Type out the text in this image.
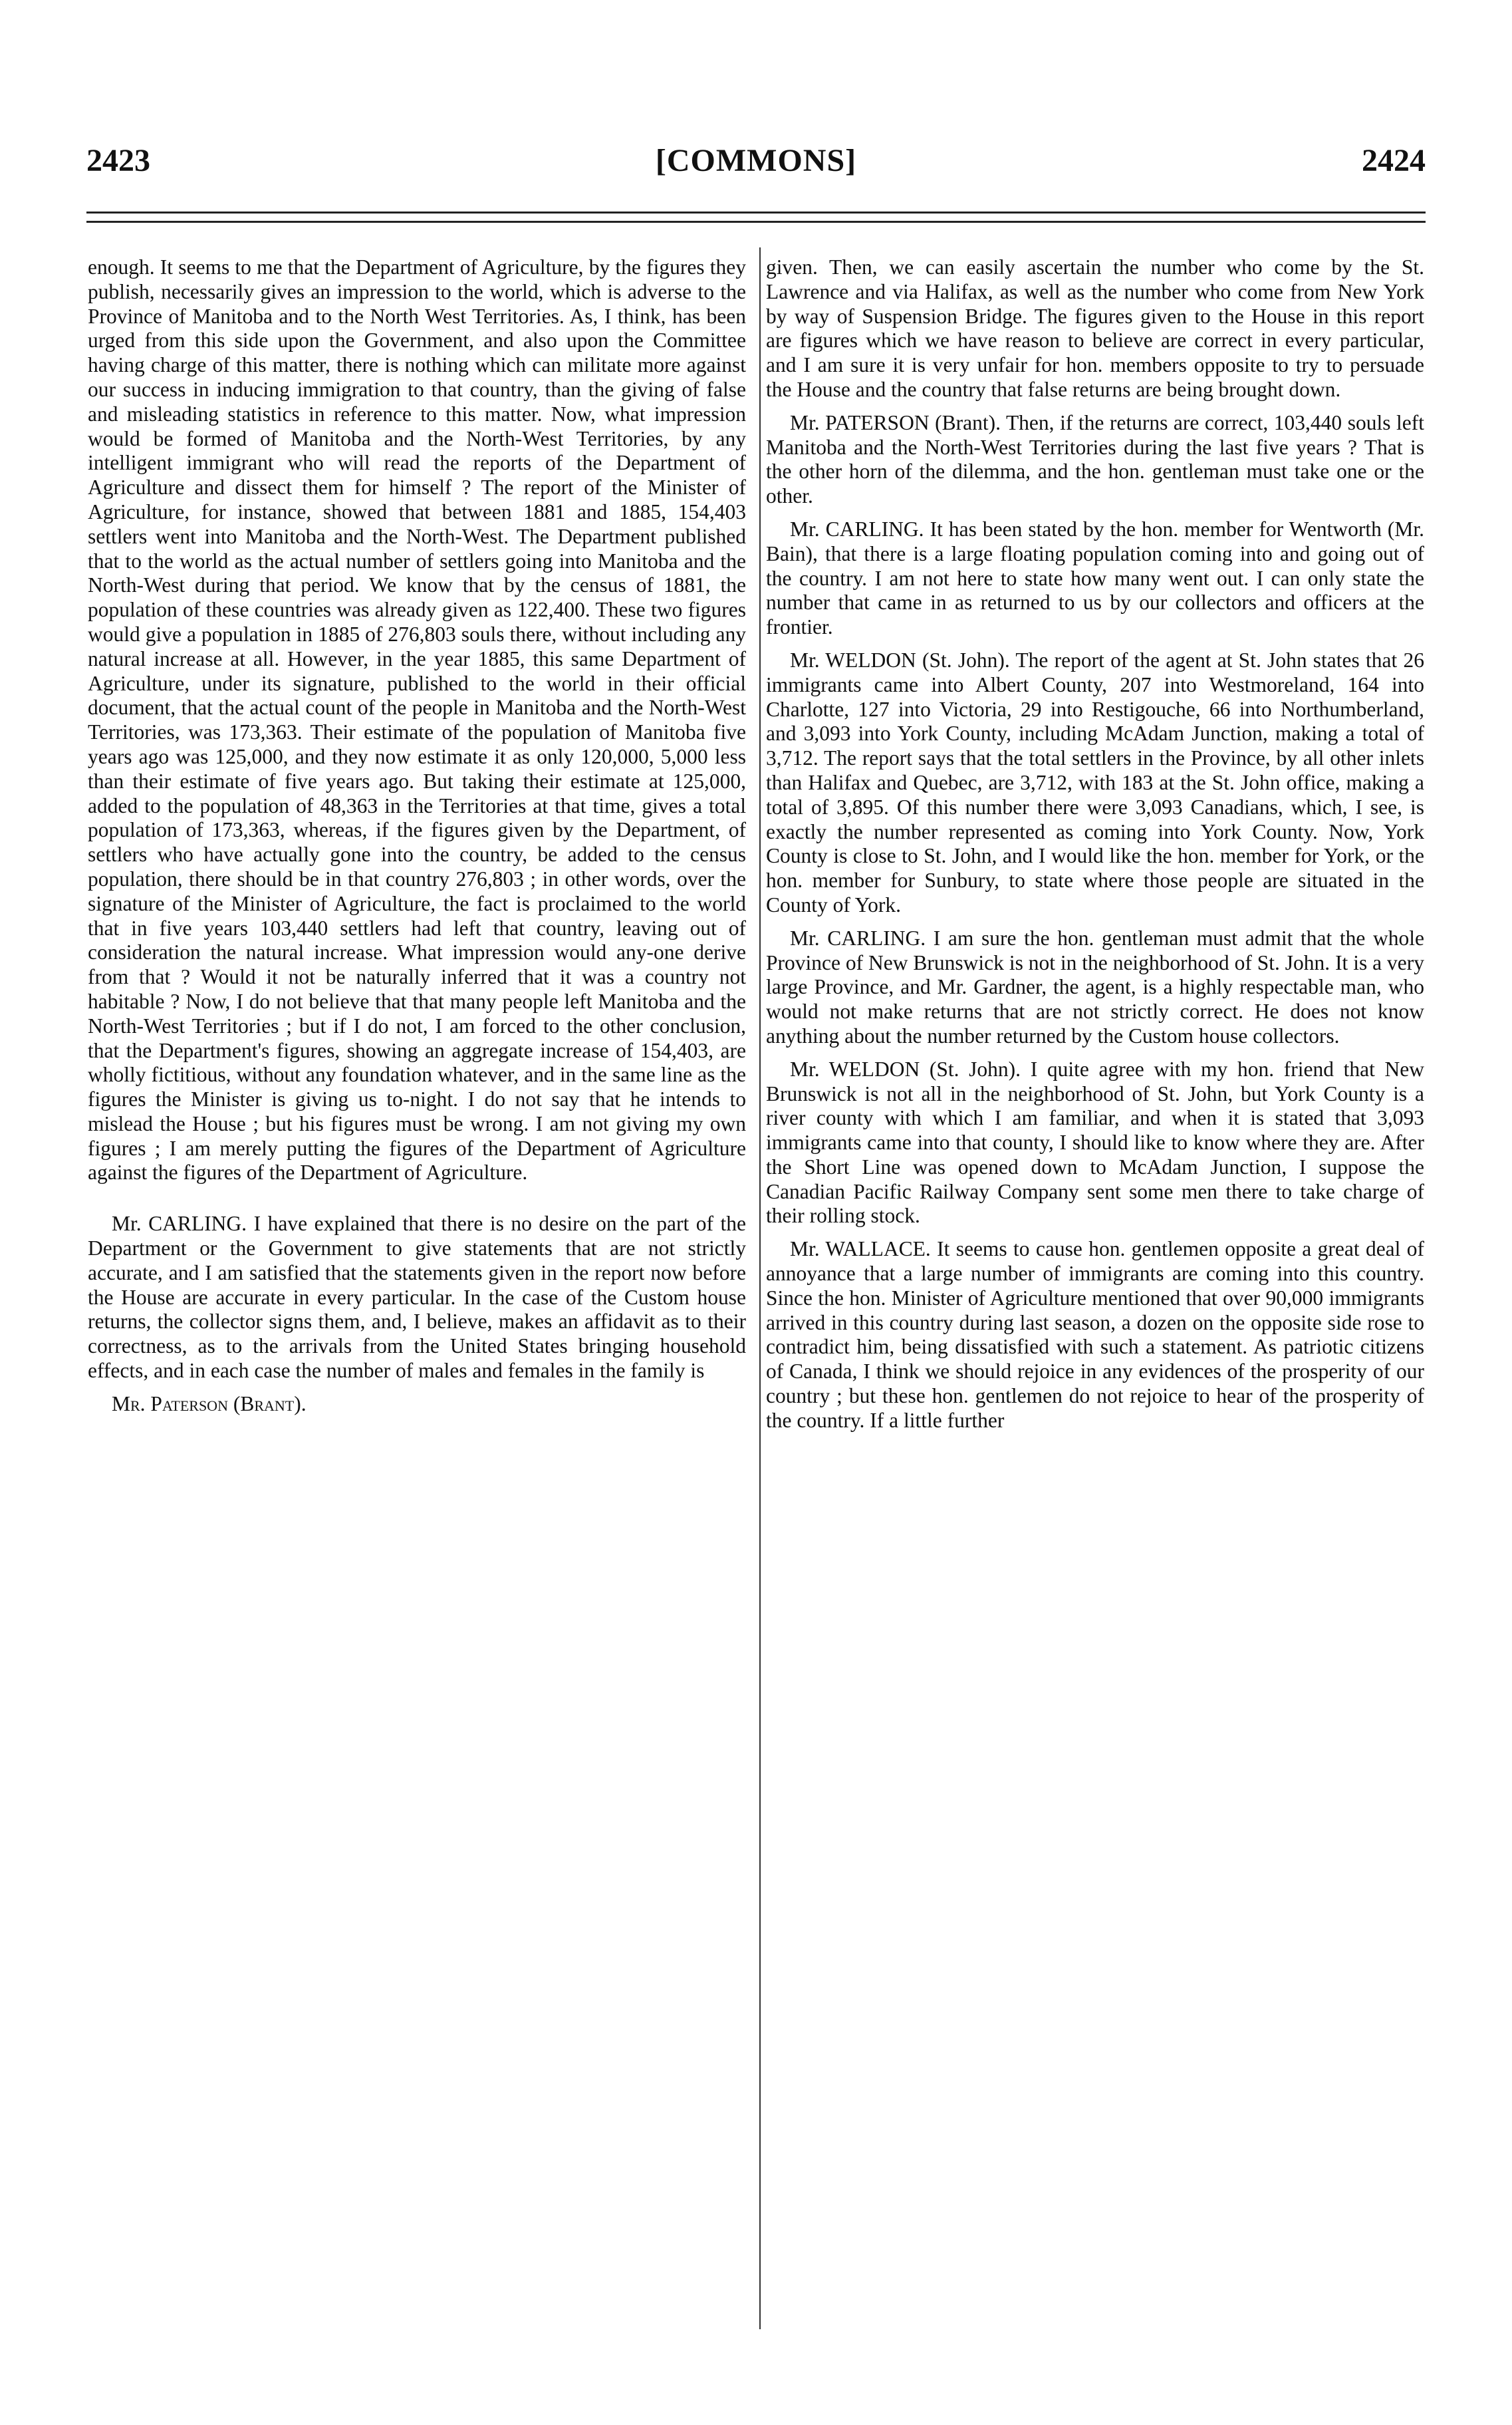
2423	[COMMONS]	2424

enough. It seems to me that the Department of Agriculture, by the figures they publish, necessarily gives an impression to the world, which is adverse to the Province of Manitoba and to the North West Territories. As, I think, has been urged from this side upon the Government, and also upon the Committee having charge of this matter, there is nothing which can militate more against our success in inducing immigration to that country, than the giving of false and misleading statistics in reference to this matter. Now, what impression would be formed of Manitoba and the North-West Territories, by any intelligent immigrant who will read the reports of the Department of Agriculture and dissect them for himself ? The report of the Minister of Agriculture, for instance, showed that between 1881 and 1885, 154,403 settlers went into Manitoba and the North-West. The Department published that to the world as the actual number of settlers going into Manitoba and the North-West during that period. We know that by the census of 1881, the population of these countries was already given as 122,400. These two figures would give a population in 1885 of 276,803 souls there, without including any natural increase at all. However, in the year 1885, this same Department of Agriculture, under its signature, published to the world in their official document, that the actual count of the people in Manitoba and the North-West Territories, was 173,363. Their estimate of the population of Manitoba five years ago was 125,000, and they now estimate it as only 120,000, 5,000 less than their estimate of five years ago. But taking their estimate at 125,000, added to the population of 48,363 in the Territories at that time, gives a total population of 173,363, whereas, if the figures given by the Department, of settlers who have actually gone into the country, be added to the census population, there should be in that country 276,803 ; in other words, over the signature of the Minister of Agriculture, the fact is proclaimed to the world that in five years 103,440 settlers had left that country, leaving out of consideration the natural increase. What impression would any-one derive from that ? Would it not be naturally inferred that it was a country not habitable ? Now, I do not believe that that many people left Manitoba and the North-West Territories ; but if I do not, I am forced to the other conclusion, that the Department's figures, showing an aggregate increase of 154,403, are wholly fictitious, without any foundation whatever, and in the same line as the figures the Minister is giving us to-night. I do not say that he intends to mislead the House ; but his figures must be wrong. I am not giving my own figures ; I am merely putting the figures of the Department of Agriculture against the figures of the Department of Agriculture.

Mr. CARLING. I have explained that there is no desire on the part of the Department or the Government to give statements that are not strictly accurate, and I am satisfied that the statements given in the report now before the House are accurate in every particular. In the case of the Custom house returns, the collector signs them, and, I believe, makes an affidavit as to their correctness, as to the arrivals from the United States bringing household effects, and in each case the number of males and females in the family is

Mr. Paterson (Brant).

given. Then, we can easily ascertain the number who come by the St. Lawrence and via Halifax, as well as the number who come from New York by way of Suspension Bridge. The figures given to the House in this report are figures which we have reason to believe are correct in every particular, and I am sure it is very unfair for hon. members opposite to try to persuade the House and the country that false returns are being brought down.

Mr. PATERSON (Brant). Then, if the returns are correct, 103,440 souls left Manitoba and the North-West Territories during the last five years ? That is the other horn of the dilemma, and the hon. gentleman must take one or the other.

Mr. CARLING. It has been stated by the hon. member for Wentworth (Mr. Bain), that there is a large floating population coming into and going out of the country. I am not here to state how many went out. I can only state the number that came in as returned to us by our collectors and officers at the frontier.

Mr. WELDON (St. John). The report of the agent at St. John states that 26 immigrants came into Albert County, 207 into Westmoreland, 164 into Charlotte, 127 into Victoria, 29 into Restigouche, 66 into Northumberland, and 3,093 into York County, including McAdam Junction, making a total of 3,712. The report says that the total settlers in the Province, by all other inlets than Halifax and Quebec, are 3,712, with 183 at the St. John office, making a total of 3,895. Of this number there were 3,093 Canadians, which, I see, is exactly the number represented as coming into York County. Now, York County is close to St. John, and I would like the hon. member for York, or the hon. member for Sunbury, to state where those people are situated in the County of York.

Mr. CARLING. I am sure the hon. gentleman must admit that the whole Province of New Brunswick is not in the neighborhood of St. John. It is a very large Province, and Mr. Gardner, the agent, is a highly respectable man, who would not make returns that are not strictly correct. He does not know anything about the number returned by the Custom house collectors.

Mr. WELDON (St. John). I quite agree with my hon. friend that New Brunswick is not all in the neighborhood of St. John, but York County is a river county with which I am familiar, and when it is stated that 3,093 immigrants came into that county, I should like to know where they are. After the Short Line was opened down to McAdam Junction, I suppose the Canadian Pacific Railway Company sent some men there to take charge of their rolling stock.

Mr. WALLACE. It seems to cause hon. gentlemen opposite a great deal of annoyance that a large number of immigrants are coming into this country. Since the hon. Minister of Agriculture mentioned that over 90,000 immigrants arrived in this country during last season, a dozen on the opposite side rose to contradict him, being dissatisfied with such a statement. As patriotic citizens of Canada, I think we should rejoice in any evidences of the prosperity of our country ; but these hon. gentlemen do not rejoice to hear of the prosperity of the country. If a little further
